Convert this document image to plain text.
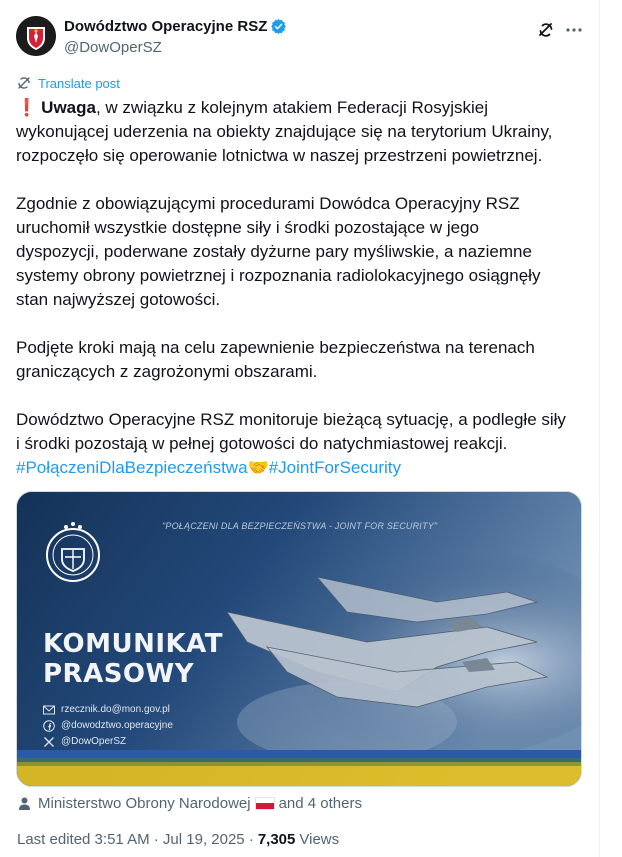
Dowództwo Operacyjne RSZ
@DowOperSZ
Translate post
❗ Uwaga, w związku z kolejnym atakiem Federacji Rosyjskiej
wykonującej uderzenia na obiekty znajdujące się na terytorium Ukrainy,
rozpoczęło się operowanie lotnictwa w naszej przestrzeni powietrznej.
Zgodnie z obowiązującymi procedurami Dowódca Operacyjny RSZ
uruchomił wszystkie dostępne siły i środki pozostające w jego
dyspozycji, poderwane zostały dyżurne pary myśliwskie, a naziemne
systemy obrony powietrznej i rozpoznania radiolokacyjnego osiągnęły
stan najwyższej gotowości.
Podjęte kroki mają na celu zapewnienie bezpieczeństwa na terenach
graniczących z zagrożonymi obszarami.
Dowództwo Operacyjne RSZ monitoruje bieżącą sytuację, a podległe siły
i środki pozostają w pełnej gotowości do natychmiastowej reakcji.
#PołączeniDlaBezpieczeństwa🤝#JointForSecurity
"POŁĄCZENI DLA BEZPIECZEŃSTWA - JOINT FOR SECURITY"
KOMUNIKAT
PRASOWY
rzecznik.do@mon.gov.pl
@dowodztwo.operacyjne
@DowOperSZ
Ministerstwo Obrony Narodowej and 4 others
Last edited 3:51 AM · Jul 19, 2025 · 7,305 Views
